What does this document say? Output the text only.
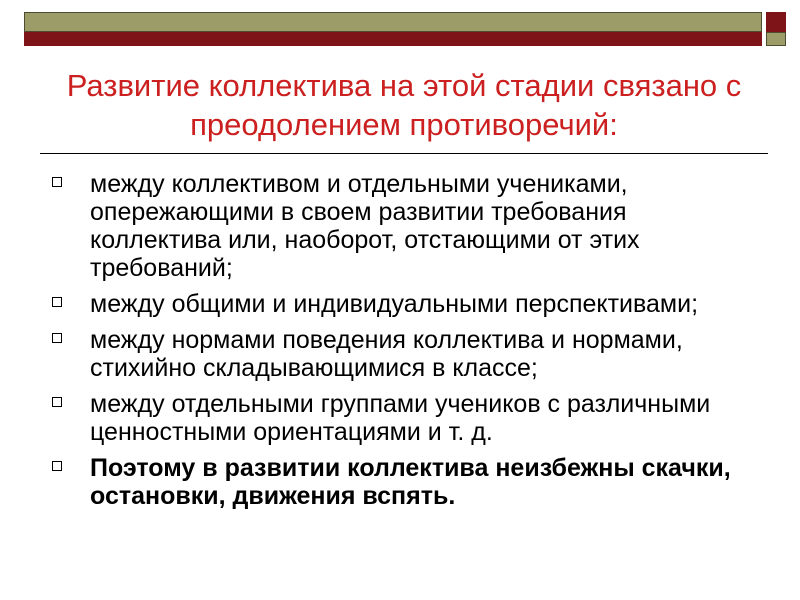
Развитие коллектива на этой стадии связано с преодолением противоречий:
между коллективом и отдельными учениками, опережающими в своем развитии требования коллектива или, наоборот, отстающими от этих требований;
между общими и индивидуальными перспективами;
между нормами поведения коллектива и нормами, стихийно складывающимися в классе;
между отдельными группами учеников с различными ценностными ориентациями и т. д.
Поэтому в развитии коллектива неизбежны скачки, остановки, движения вспять.
